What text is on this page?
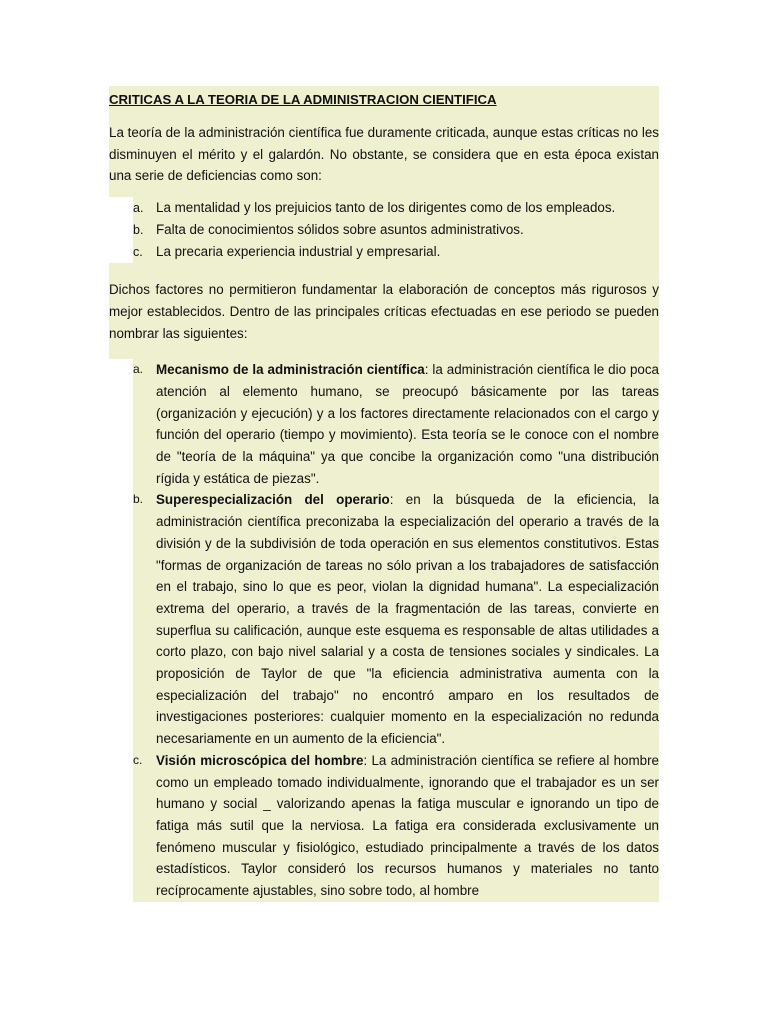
CRITICAS A LA TEORIA DE LA ADMINISTRACION CIENTIFICA

La teoría de la administración científica fue duramente criticada, aunque estas críticas no les disminuyen el mérito y el galardón. No obstante, se considera que en esta época existan una serie de deficiencias como son:

a. La mentalidad y los prejuicios tanto de los dirigentes como de los empleados.
b. Falta de conocimientos sólidos sobre asuntos administrativos.
c. La precaria experiencia industrial y empresarial.

Dichos factores no permitieron fundamentar la elaboración de conceptos más rigurosos y mejor establecidos. Dentro de las principales críticas efectuadas en ese periodo se pueden nombrar las siguientes:

a. Mecanismo de la administración científica: la administración científica le dio poca atención al elemento humano, se preocupó básicamente por las tareas (organización y ejecución) y a los factores directamente relacionados con el cargo y función del operario (tiempo y movimiento). Esta teoría se le conoce con el nombre de "teoría de la máquina" ya que concibe la organización como "una distribución rígida y estática de piezas".
b. Superespecialización del operario: en la búsqueda de la eficiencia, la administración científica preconizaba la especialización del operario a través de la división y de la subdivisión de toda operación en sus elementos constitutivos. Estas "formas de organización de tareas no sólo privan a los trabajadores de satisfacción en el trabajo, sino lo que es peor, violan la dignidad humana". La especialización extrema del operario, a través de la fragmentación de las tareas, convierte en superflua su calificación, aunque este esquema es responsable de altas utilidades a corto plazo, con bajo nivel salarial y a costa de tensiones sociales y sindicales. La proposición de Taylor de que "la eficiencia administrativa aumenta con la especialización del trabajo" no encontró amparo en los resultados de investigaciones posteriores: cualquier momento en la especialización no redunda necesariamente en un aumento de la eficiencia".
c.	Visión microscópica del hombre: La administración científica se refiere al hombre como un empleado tomado individualmente, ignorando que el trabajador es un ser humano y social _ valorizando apenas la fatiga muscular e ignorando un tipo de fatiga más sutil que la nerviosa. La fatiga era considerada exclusivamente un fenómeno muscular y fisiológico, estudiado principalmente a través de los datos estadísticos. Taylor consideró los recursos humanos y materiales no tanto recíprocamente ajustables, sino sobre todo, al hombre
